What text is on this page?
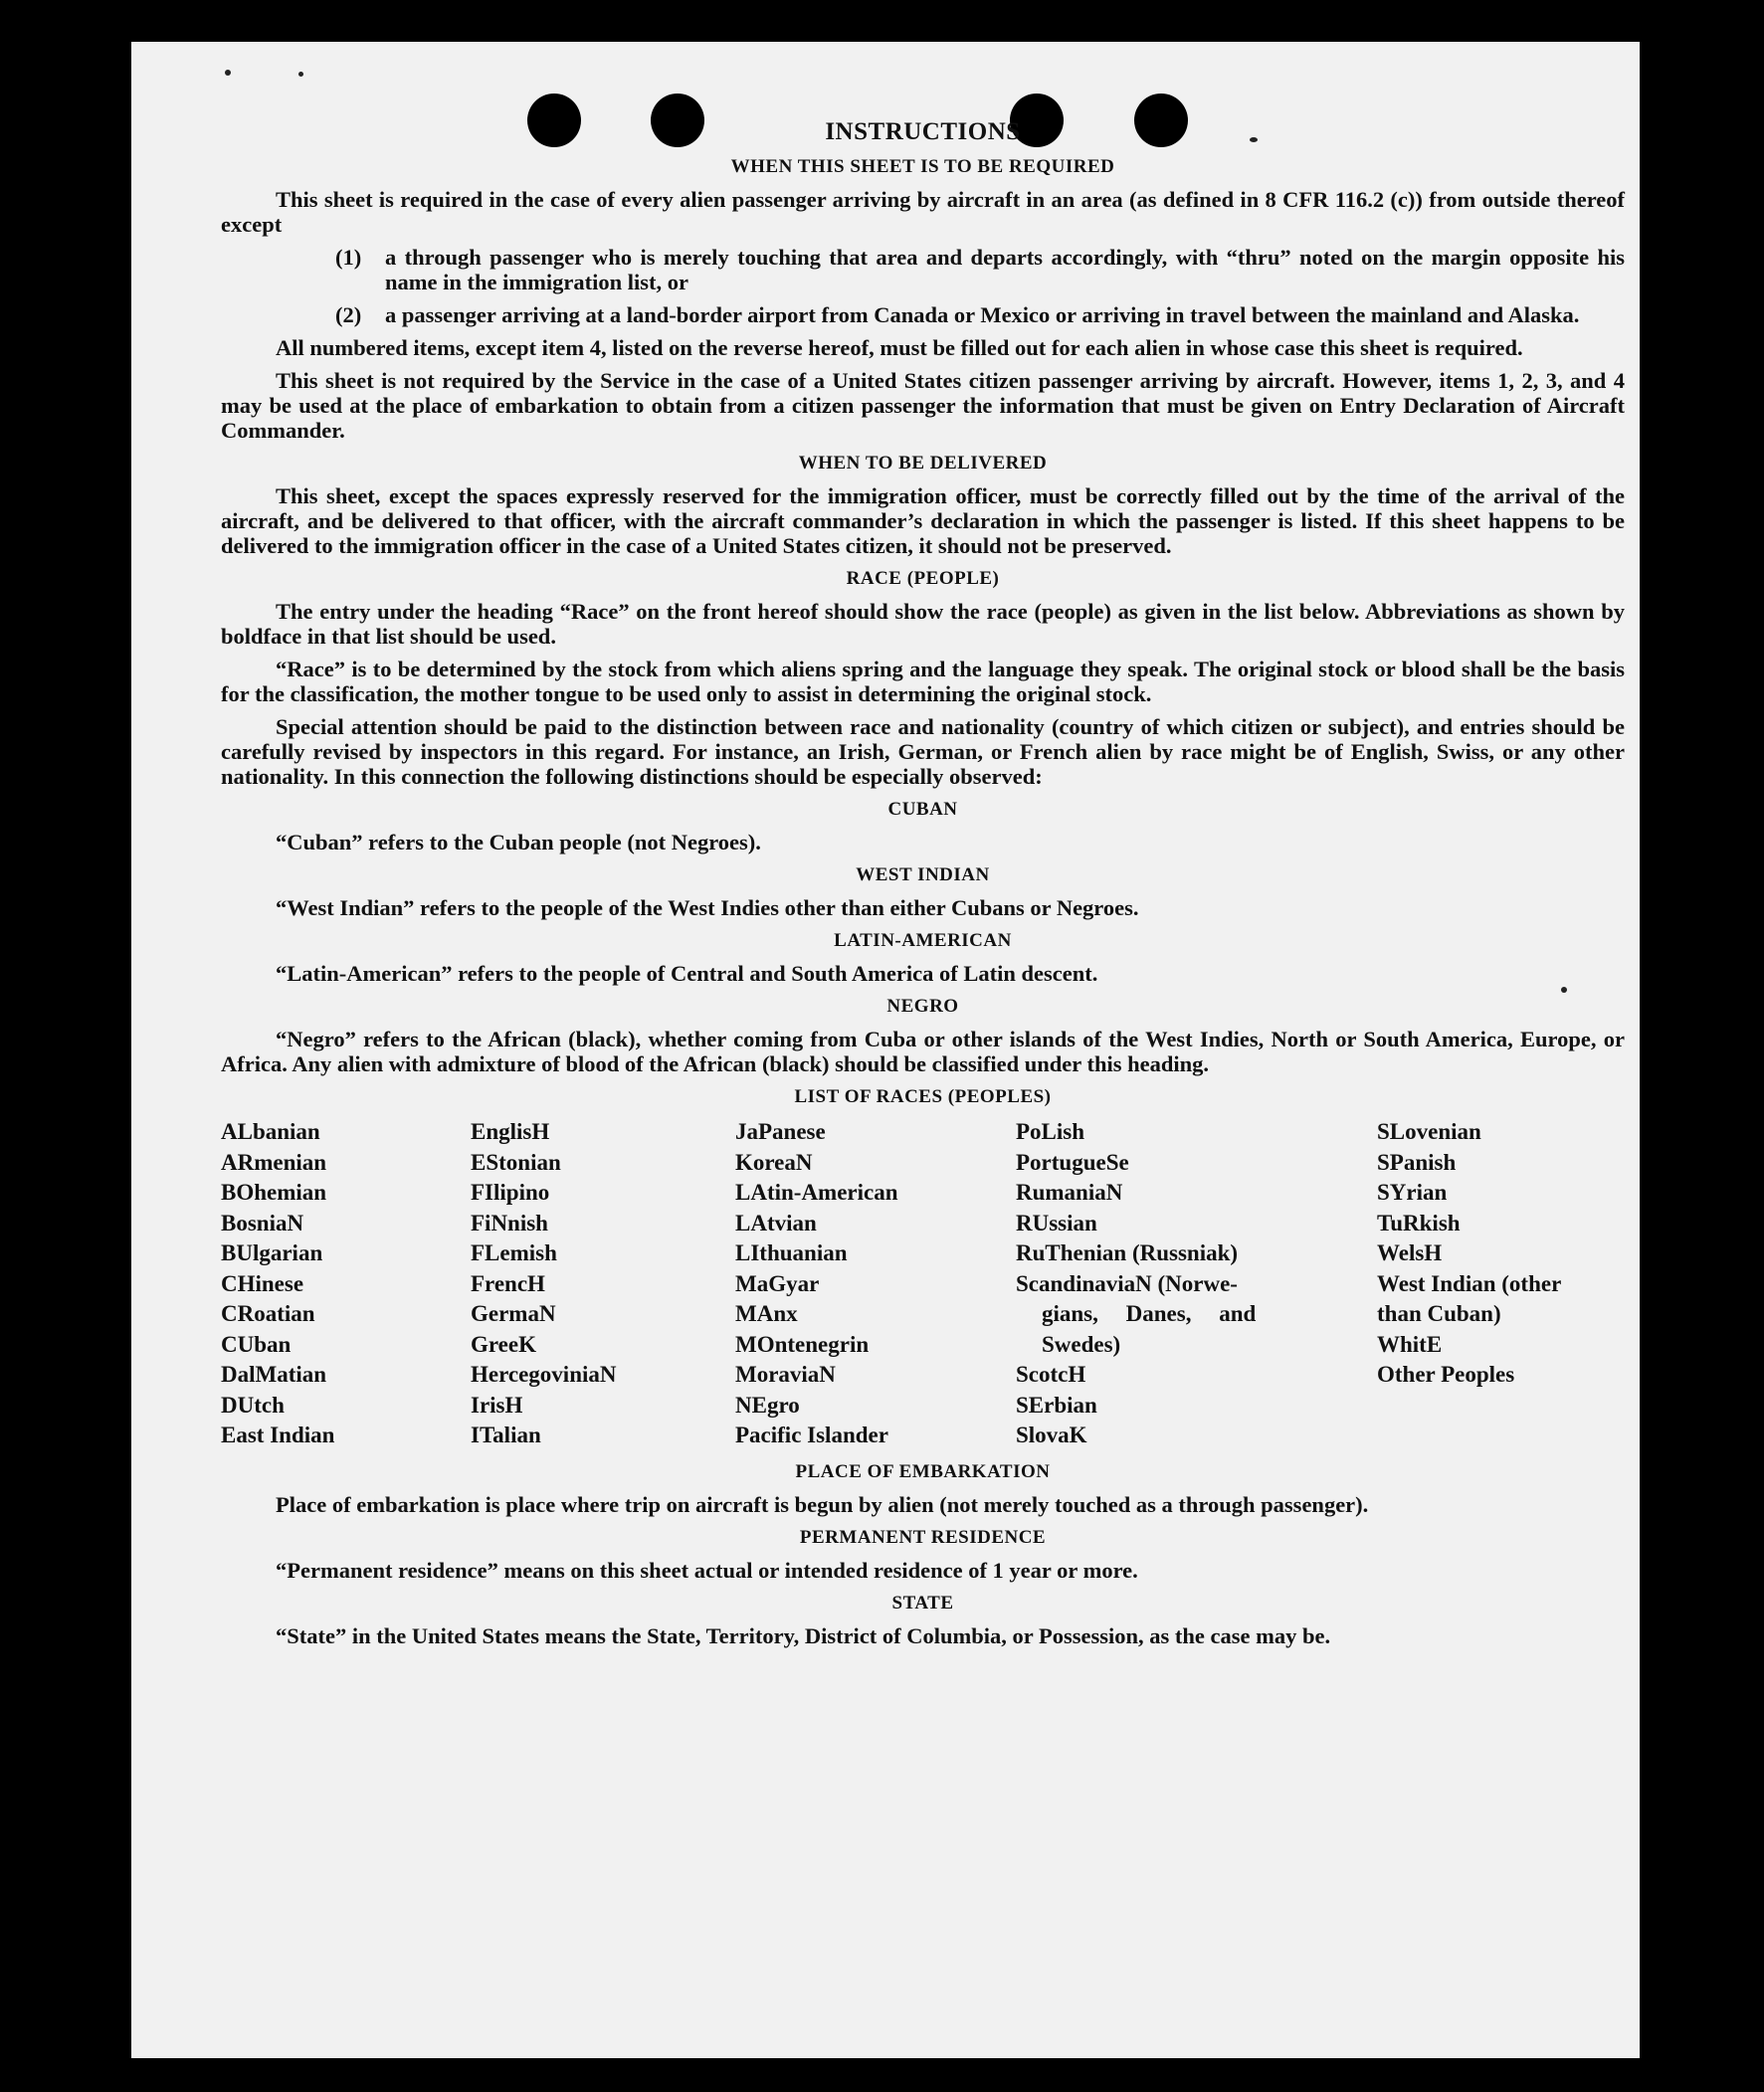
INSTRUCTIONS
WHEN THIS SHEET IS TO BE REQUIRED
This sheet is required in the case of every alien passenger arriving by aircraft in an area (as defined in 8 CFR 116.2 (c)) from outside thereof except
(1)	a through passenger who is merely touching that area and departs accordingly, with “thru” noted on the margin opposite his name in the immigration list, or
(2)	a passenger arriving at a land-border airport from Canada or Mexico or arriving in travel between the mainland and Alaska.
All numbered items, except item 4, listed on the reverse hereof, must be filled out for each alien in whose case this sheet is required.
This sheet is not required by the Service in the case of a United States citizen passenger arriving by aircraft. However, items 1, 2, 3, and 4 may be used at the place of embarkation to obtain from a citizen passenger the information that must be given on Entry Declaration of Aircraft Commander.
WHEN TO BE DELIVERED
This sheet, except the spaces expressly reserved for the immigration officer, must be correctly filled out by the time of the arrival of the aircraft, and be delivered to that officer, with the aircraft commander’s declaration in which the passenger is listed. If this sheet happens to be delivered to the immigration officer in the case of a United States citizen, it should not be preserved.
RACE (PEOPLE)
The entry under the heading “Race” on the front hereof should show the race (people) as given in the list below. Abbreviations as shown by boldface in that list should be used.
“Race” is to be determined by the stock from which aliens spring and the language they speak. The original stock or blood shall be the basis for the classification, the mother tongue to be used only to assist in determining the original stock.
Special attention should be paid to the distinction between race and nationality (country of which citizen or subject), and entries should be carefully revised by inspectors in this regard. For instance, an Irish, German, or French alien by race might be of English, Swiss, or any other nationality. In this connection the following distinctions should be especially observed:
CUBAN
“Cuban” refers to the Cuban people (not Negroes).
WEST INDIAN
“West Indian” refers to the people of the West Indies other than either Cubans or Negroes.
LATIN-AMERICAN
“Latin-American” refers to the people of Central and South America of Latin descent.
NEGRO
“Negro” refers to the African (black), whether coming from Cuba or other islands of the West Indies, North or South America, Europe, or Africa. Any alien with admixture of blood of the African (black) should be classified under this heading.
LIST OF RACES (PEOPLES)
ALbanian
ARmenian
BOhemian
BosniaN
BUlgarian
CHinese
CRoatian
CUban
DalMatian
DUtch
East Indian
EnglisH
EStonian
FIlipino
FiNnish
FLemish
FrencH
GermaN
GreeK
HercegoviniaN
IrisH
ITalian
JaPanese
KoreaN
LAtin-American
LAtvian
LIthuanian
MaGyar
MAnx
MOntenegrin
MoraviaN
NEgro
Pacific Islander
PoLish
PortugueSe
RumaniaN
RUssian
RuThenian (Russniak)
ScandinaviaN (Norwe-
gians, Danes, and
Swedes)
ScotcH
SErbian
SlovaK
SLovenian
SPanish
SYrian
TuRkish
WelsH
West Indian (other
than Cuban)
WhitE
Other Peoples
PLACE OF EMBARKATION
Place of embarkation is place where trip on aircraft is begun by alien (not merely touched as a through passenger).
PERMANENT RESIDENCE
“Permanent residence” means on this sheet actual or intended residence of 1 year or more.
STATE
“State” in the United States means the State, Territory, District of Columbia, or Possession, as the case may be.
